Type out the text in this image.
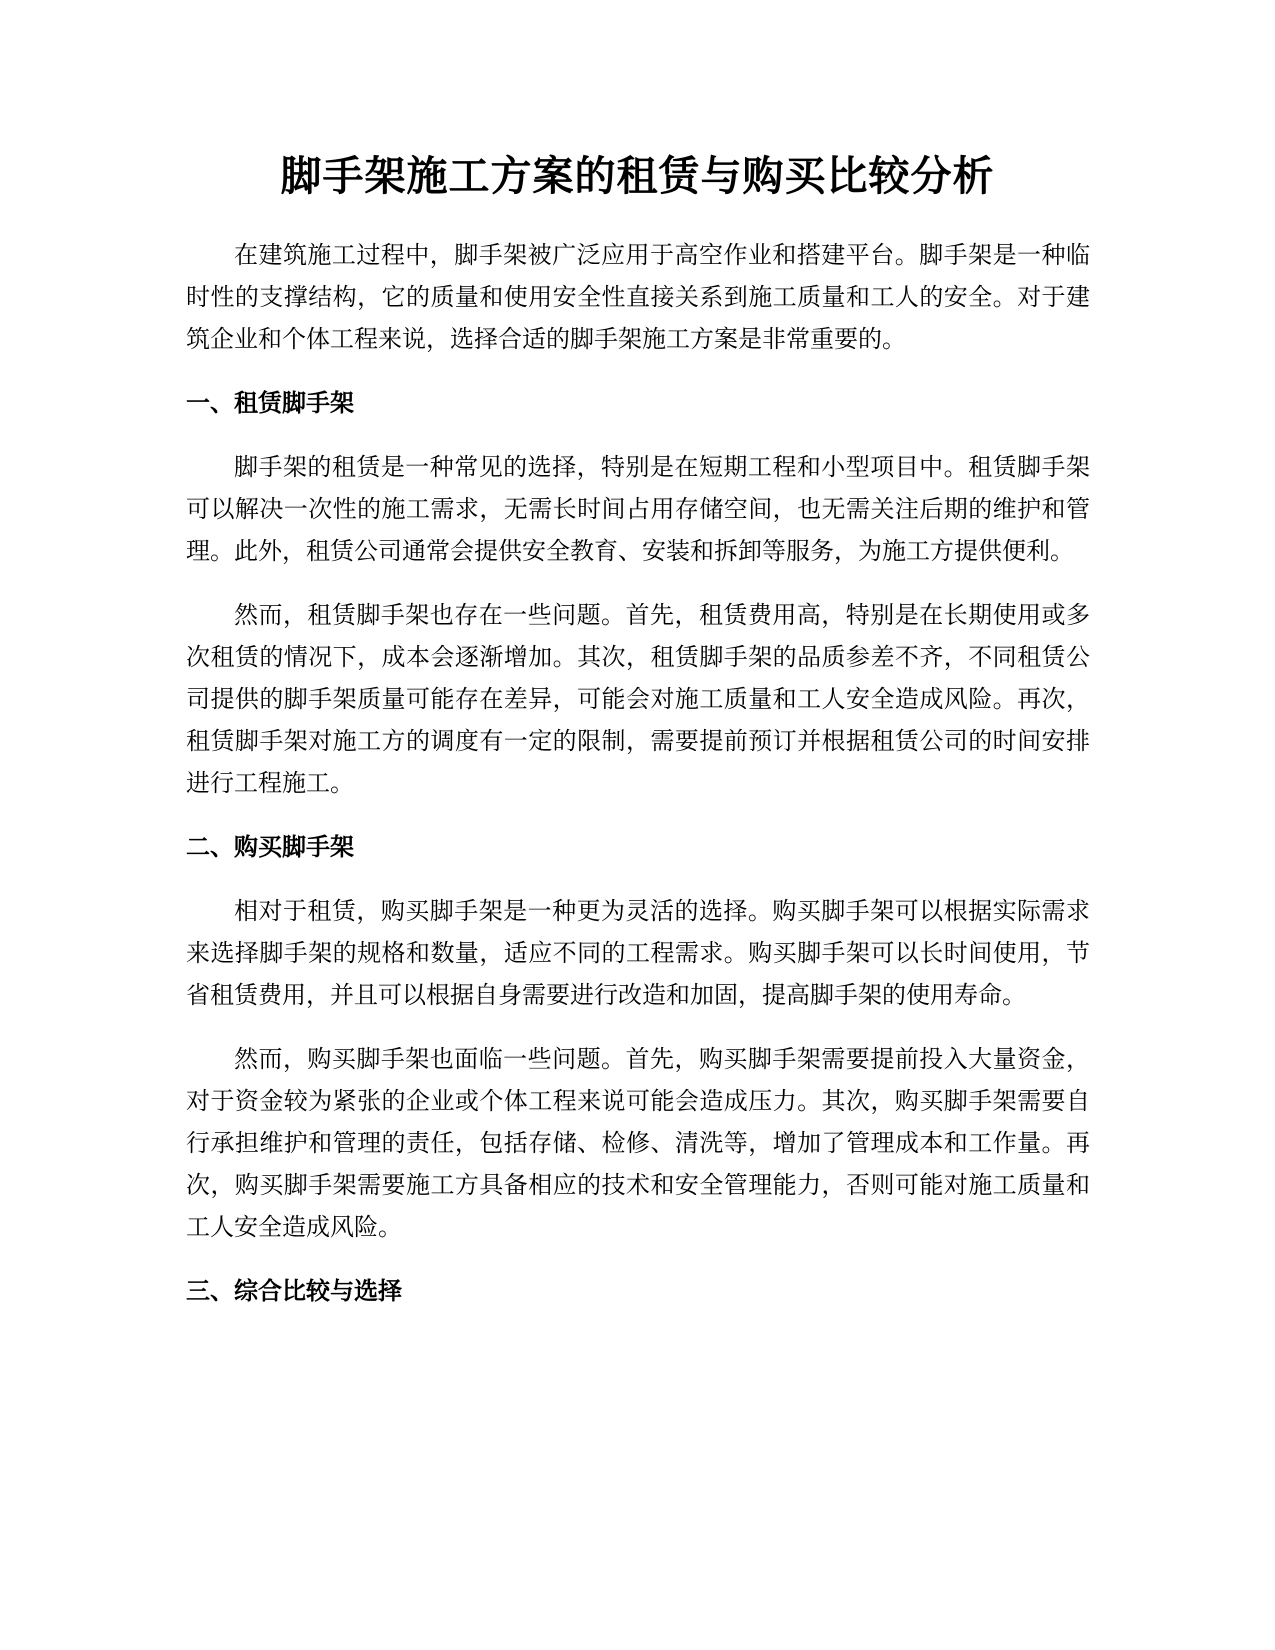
脚手架施工方案的租赁与购买比较分析

在建筑施工过程中，脚手架被广泛应用于高空作业和搭建平台。脚手架是一种临时性的支撑结构，它的质量和使用安全性直接关系到施工质量和工人的安全。对于建筑企业和个体工程来说，选择合适的脚手架施工方案是非常重要的。

一、租赁脚手架

脚手架的租赁是一种常见的选择，特别是在短期工程和小型项目中。租赁脚手架可以解决一次性的施工需求，无需长时间占用存储空间，也无需关注后期的维护和管理。此外，租赁公司通常会提供安全教育、安装和拆卸等服务，为施工方提供便利。

然而，租赁脚手架也存在一些问题。首先，租赁费用高，特别是在长期使用或多次租赁的情况下，成本会逐渐增加。其次，租赁脚手架的品质参差不齐，不同租赁公司提供的脚手架质量可能存在差异，可能会对施工质量和工人安全造成风险。再次，租赁脚手架对施工方的调度有一定的限制，需要提前预订并根据租赁公司的时间安排进行工程施工。

二、购买脚手架

相对于租赁，购买脚手架是一种更为灵活的选择。购买脚手架可以根据实际需求来选择脚手架的规格和数量，适应不同的工程需求。购买脚手架可以长时间使用，节省租赁费用，并且可以根据自身需要进行改造和加固，提高脚手架的使用寿命。

然而，购买脚手架也面临一些问题。首先，购买脚手架需要提前投入大量资金，对于资金较为紧张的企业或个体工程来说可能会造成压力。其次，购买脚手架需要自行承担维护和管理的责任，包括存储、检修、清洗等，增加了管理成本和工作量。再次，购买脚手架需要施工方具备相应的技术和安全管理能力，否则可能对施工质量和工人安全造成风险。

三、综合比较与选择
